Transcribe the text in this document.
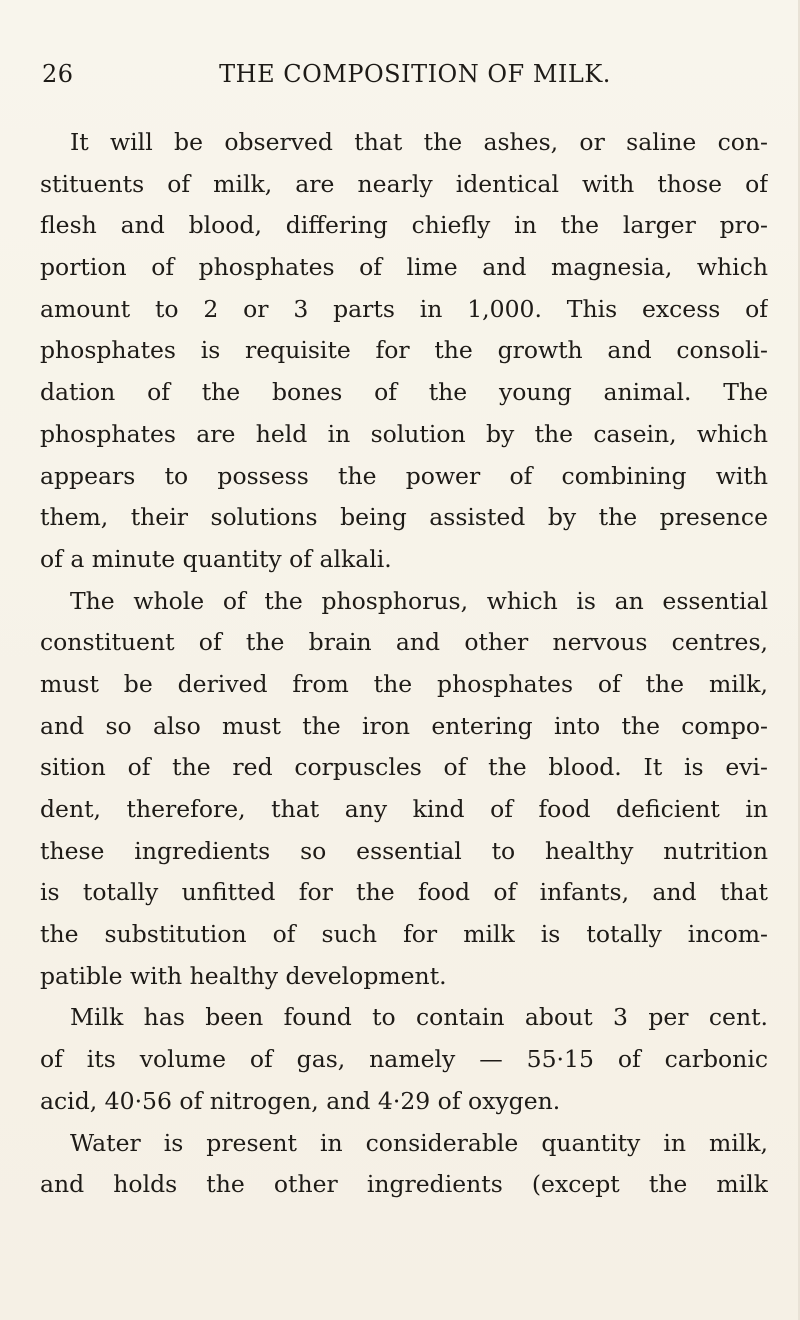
26	THE COMPOSITION OF MILK.
It will be observed that the ashes, or saline con-
stituents of milk, are nearly identical with those of
flesh and blood, differing chiefly in the larger pro-
portion of phosphates of lime and magnesia, which
amount to 2 or 3 parts in 1,000. This excess of
phosphates is requisite for the growth and consoli-
dation of the bones of the young animal. The
phosphates are held in solution by the casein, which
appears to possess the power of combining with
them, their solutions being assisted by the presence
of a minute quantity of alkali.
The whole of the phosphorus, which is an essential
constituent of the brain and other nervous centres,
must be derived from the phosphates of the milk,
and so also must the iron entering into the compo-
sition of the red corpuscles of the blood. It is evi-
dent, therefore, that any kind of food deficient in
these ingredients so essential to healthy nutrition
is totally unfitted for the food of infants, and that
the substitution of such for milk is totally incom-
patible with healthy development.
Milk has been found to contain about 3 per cent.
of its volume of gas, namely — 55·15 of carbonic
acid, 40·56 of nitrogen, and 4·29 of oxygen.
Water is present in considerable quantity in milk,
and holds the other ingredients (except the milk
